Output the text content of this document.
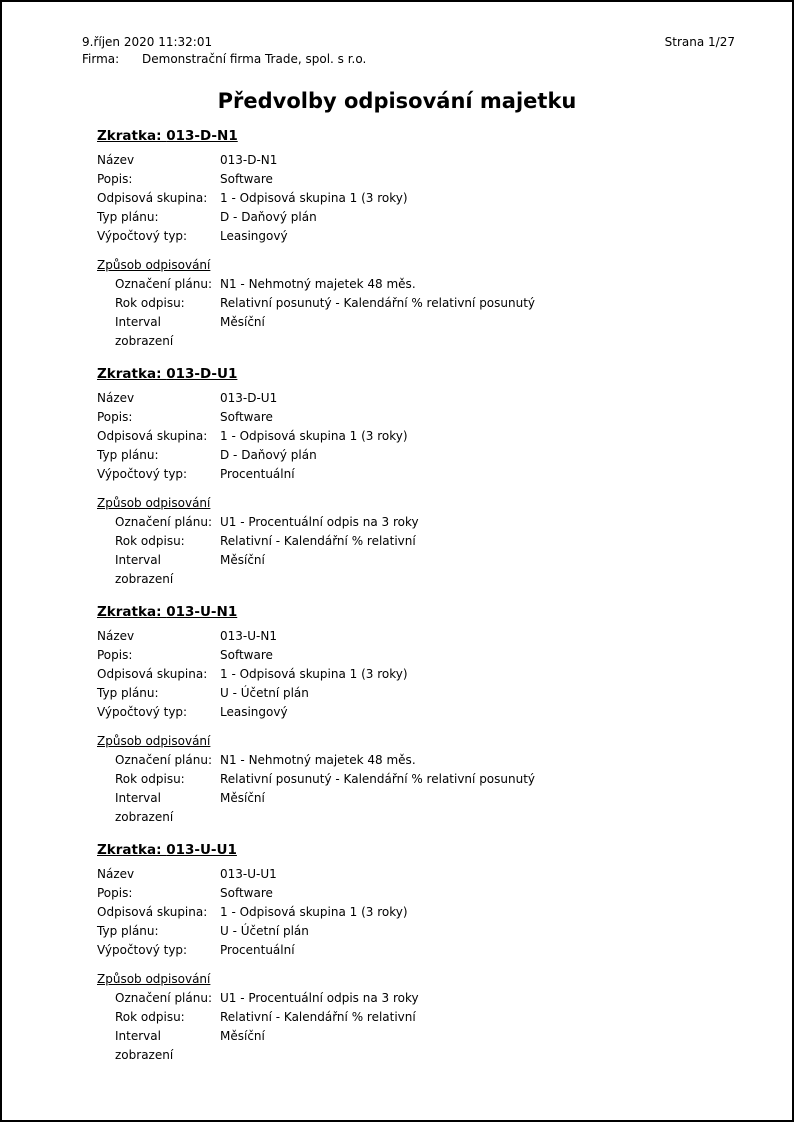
9.říjen 2020 11:32:01	Strana 1/27
Firma:	Demonstrační firma Trade, spol. s r.o.
Předvolby odpisování majetku
Zkratka: 013-D-N1
Název	013-D-N1
Popis:	Software
Odpisová skupina:	1 - Odpisová skupina 1 (3 roky)
Typ plánu:	D - Daňový plán
Výpočtový typ:	Leasingový
Způsob odpisování
Označení plánu: N1 - Nehmotný majetek 48 měs.
Rok odpisu:	Relativní posunutý - Kalendářní % relativní posunutý
Interval zobrazení
Měsíční
Zkratka: 013-D-U1
Název	013-D-U1
Popis:	Software
Odpisová skupina:	1 - Odpisová skupina 1 (3 roky)
Typ plánu:	D - Daňový plán
Výpočtový typ:	Procentuální
Způsob odpisování
Označení plánu: U1 - Procentuální odpis na 3 roky
Rok odpisu:	Relativní - Kalendářní % relativní
Interval zobrazení
Měsíční
Zkratka: 013-U-N1
Název	013-U-N1
Popis:	Software
Odpisová skupina:	1 - Odpisová skupina 1 (3 roky)
Typ plánu:	U - Účetní plán
Výpočtový typ:	Leasingový
Způsob odpisování
Označení plánu: N1 - Nehmotný majetek 48 měs.
Rok odpisu:	Relativní posunutý - Kalendářní % relativní posunutý
Interval zobrazení
Měsíční
Zkratka: 013-U-U1
Název	013-U-U1
Popis:	Software
Odpisová skupina:	1 - Odpisová skupina 1 (3 roky)
Typ plánu:	U - Účetní plán
Výpočtový typ:	Procentuální
Způsob odpisování
Označení plánu: U1 - Procentuální odpis na 3 roky
Rok odpisu:	Relativní - Kalendářní % relativní
Interval zobrazení
Měsíční
